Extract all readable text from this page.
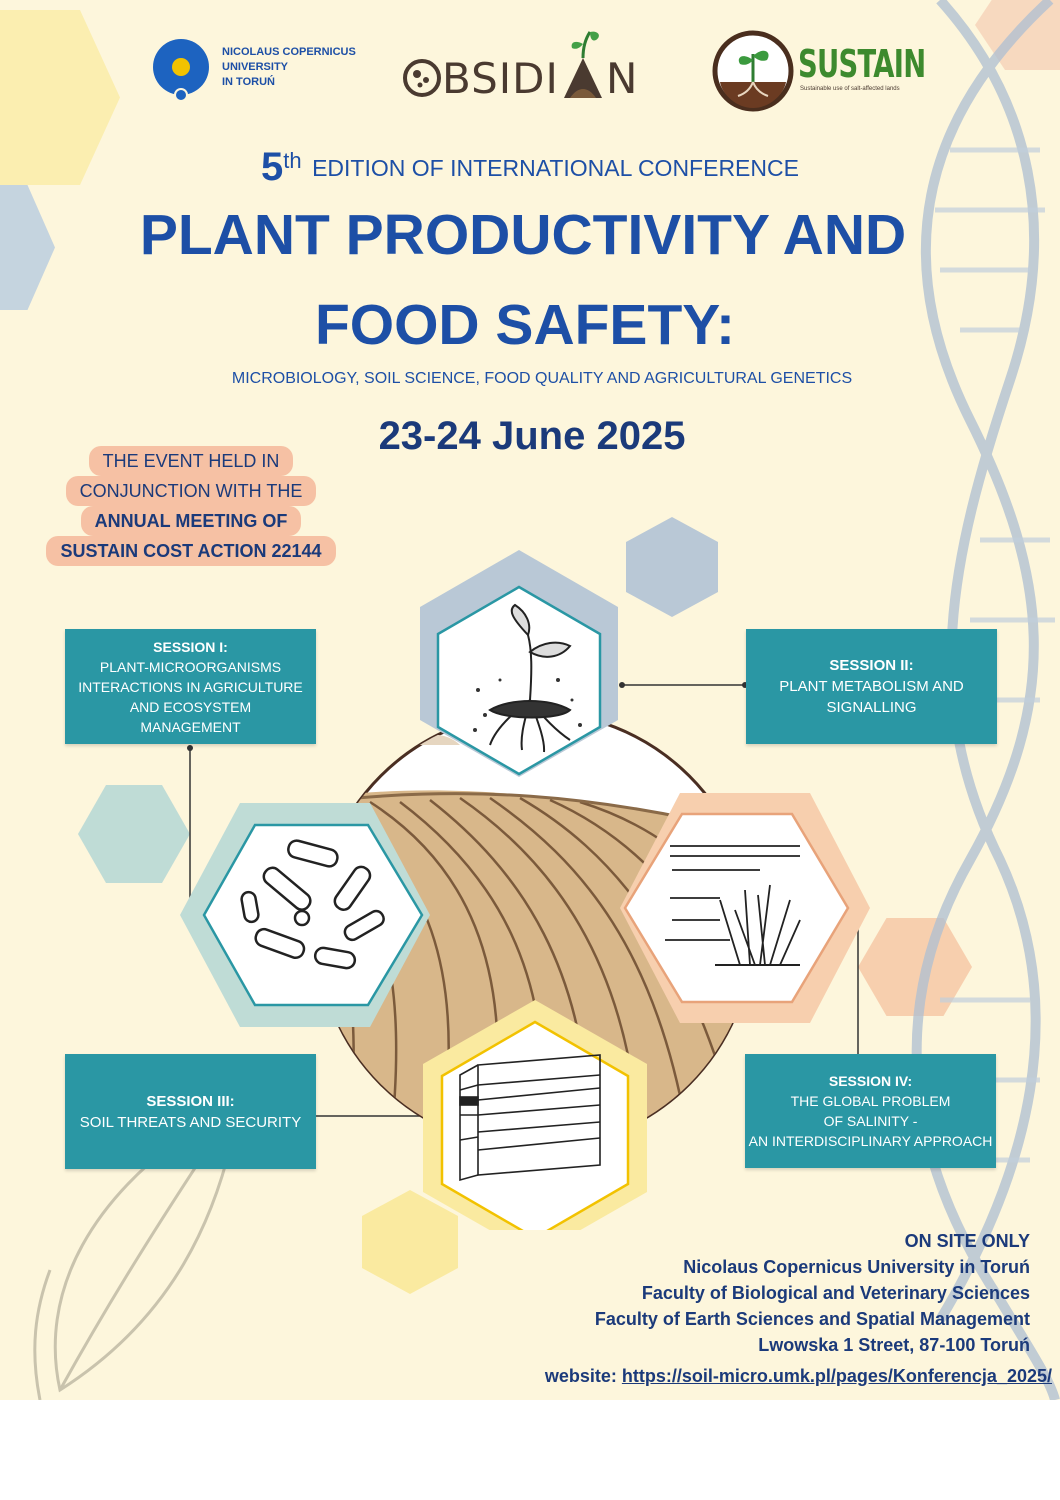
NICOLAUS COPERNICUS
UNIVERSITY
IN TORUŃ	BSIDI N	SUSTAIN
Sustainable use of salt-affected lands
5th EDITION OF INTERNATIONAL CONFERENCE
PLANT PRODUCTIVITY AND
FOOD SAFETY:
MICROBIOLOGY, SOIL SCIENCE, FOOD QUALITY AND AGRICULTURAL GENETICS
23-24 June 2025
THE EVENT HELD IN
CONJUNCTION WITH THE
ANNUAL MEETING OF
SUSTAIN COST ACTION 22144
SESSION I:
PLANT-MICROORGANISMS
INTERACTIONS IN AGRICULTURE
AND ECOSYSTEM
MANAGEMENT
SESSION II:
PLANT METABOLISM AND
SIGNALLING
SESSION III:
SOIL THREATS AND SECURITY
SESSION IV:
THE GLOBAL PROBLEM
OF SALINITY -
AN INTERDISCIPLINARY APPROACH
ON SITE ONLY
Nicolaus Copernicus University in Toruń
Faculty of Biological and Veterinary Sciences
Faculty of Earth Sciences and Spatial Management
Lwowska 1 Street, 87-100 Toruń
website: https://soil-micro.umk.pl/pages/Konferencja_2025/
